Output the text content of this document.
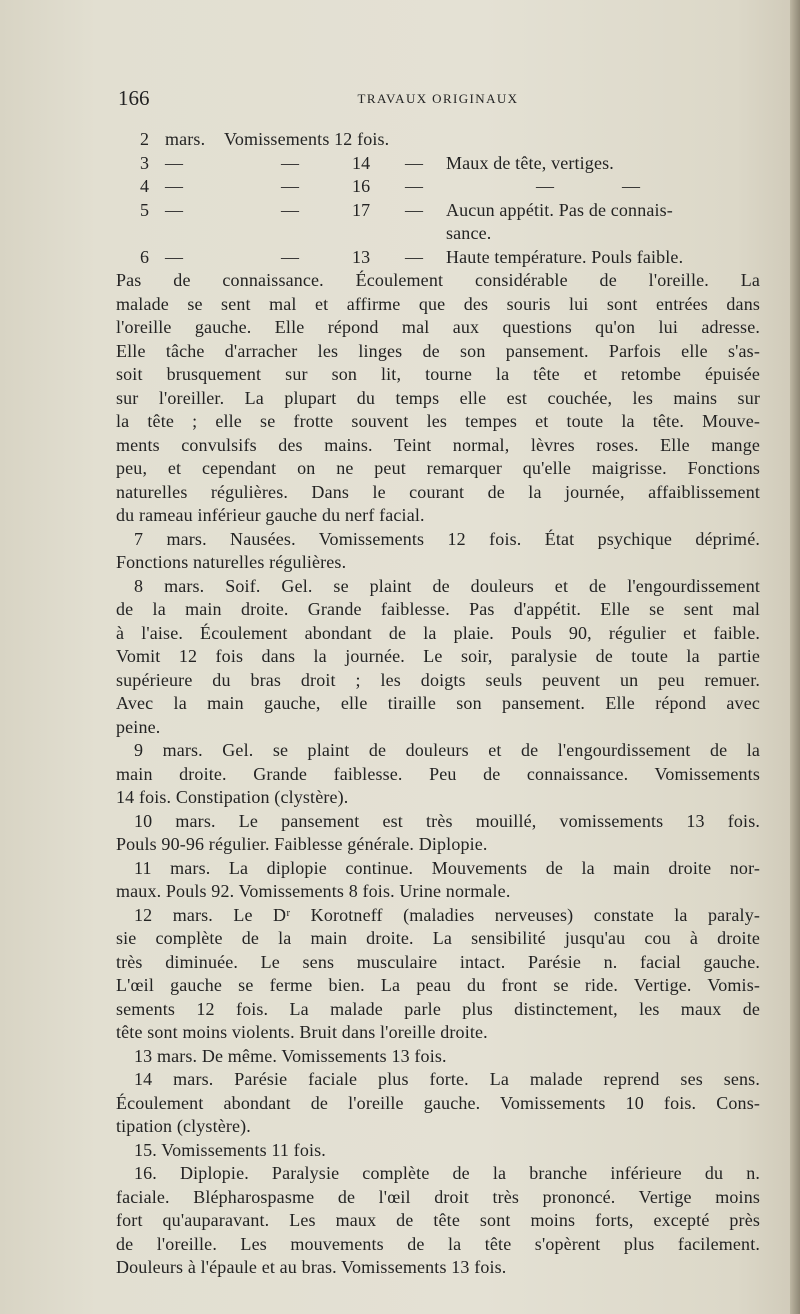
166	TRAVAUX ORIGINAUX
2 mars. Vomissements 12 fois.
3 —	—	14 — Maux de tête, vertiges.
4 —	—	16 —	—	—
5 —	—	17 — Aucun appétit. Pas de connais-
sance.
6 —	—	13 — Haute température. Pouls faible.
Pas de connaissance. Écoulement considérable de l'oreille. La
malade se sent mal et affirme que des souris lui sont entrées dans
l'oreille gauche. Elle répond mal aux questions qu'on lui adresse.
Elle tâche d'arracher les linges de son pansement. Parfois elle s'as-
soit brusquement sur son lit, tourne la tête et retombe épuisée
sur l'oreiller. La plupart du temps elle est couchée, les mains sur
la tête ; elle se frotte souvent les tempes et toute la tête. Mouve-
ments convulsifs des mains. Teint normal, lèvres roses. Elle mange
peu, et cependant on ne peut remarquer qu'elle maigrisse. Fonctions
naturelles régulières. Dans le courant de la journée, affaiblissement
du rameau inférieur gauche du nerf facial.
7 mars. Nausées. Vomissements 12 fois. État psychique déprimé.
Fonctions naturelles régulières.
8 mars. Soif. Gel. se plaint de douleurs et de l'engourdissement
de la main droite. Grande faiblesse. Pas d'appétit. Elle se sent mal
à l'aise. Écoulement abondant de la plaie. Pouls 90, régulier et faible.
Vomit 12 fois dans la journée. Le soir, paralysie de toute la partie
supérieure du bras droit ; les doigts seuls peuvent un peu remuer.
Avec la main gauche, elle tiraille son pansement. Elle répond avec
peine.
9 mars. Gel. se plaint de douleurs et de l'engourdissement de la
main droite. Grande faiblesse. Peu de connaissance. Vomissements
14 fois. Constipation (clystère).
10 mars. Le pansement est très mouillé, vomissements 13 fois.
Pouls 90-96 régulier. Faiblesse générale. Diplopie.
11 mars. La diplopie continue. Mouvements de la main droite nor-
maux. Pouls 92. Vomissements 8 fois. Urine normale.
12 mars. Le Dʳ Korotneff (maladies nerveuses) constate la paraly-
sie complète de la main droite. La sensibilité jusqu'au cou à droite
très diminuée. Le sens musculaire intact. Parésie n. facial gauche.
L'œil gauche se ferme bien. La peau du front se ride. Vertige. Vomis-
sements 12 fois. La malade parle plus distinctement, les maux de
tête sont moins violents. Bruit dans l'oreille droite.
13 mars. De même. Vomissements 13 fois.
14 mars. Parésie faciale plus forte. La malade reprend ses sens.
Écoulement abondant de l'oreille gauche. Vomissements 10 fois. Cons-
tipation (clystère).
15. Vomissements 11 fois.
16. Diplopie. Paralysie complète de la branche inférieure du n.
faciale. Blépharospasme de l'œil droit très prononcé. Vertige moins
fort qu'auparavant. Les maux de tête sont moins forts, excepté près
de l'oreille. Les mouvements de la tête s'opèrent plus facilement.
Douleurs à l'épaule et au bras. Vomissements 13 fois.
